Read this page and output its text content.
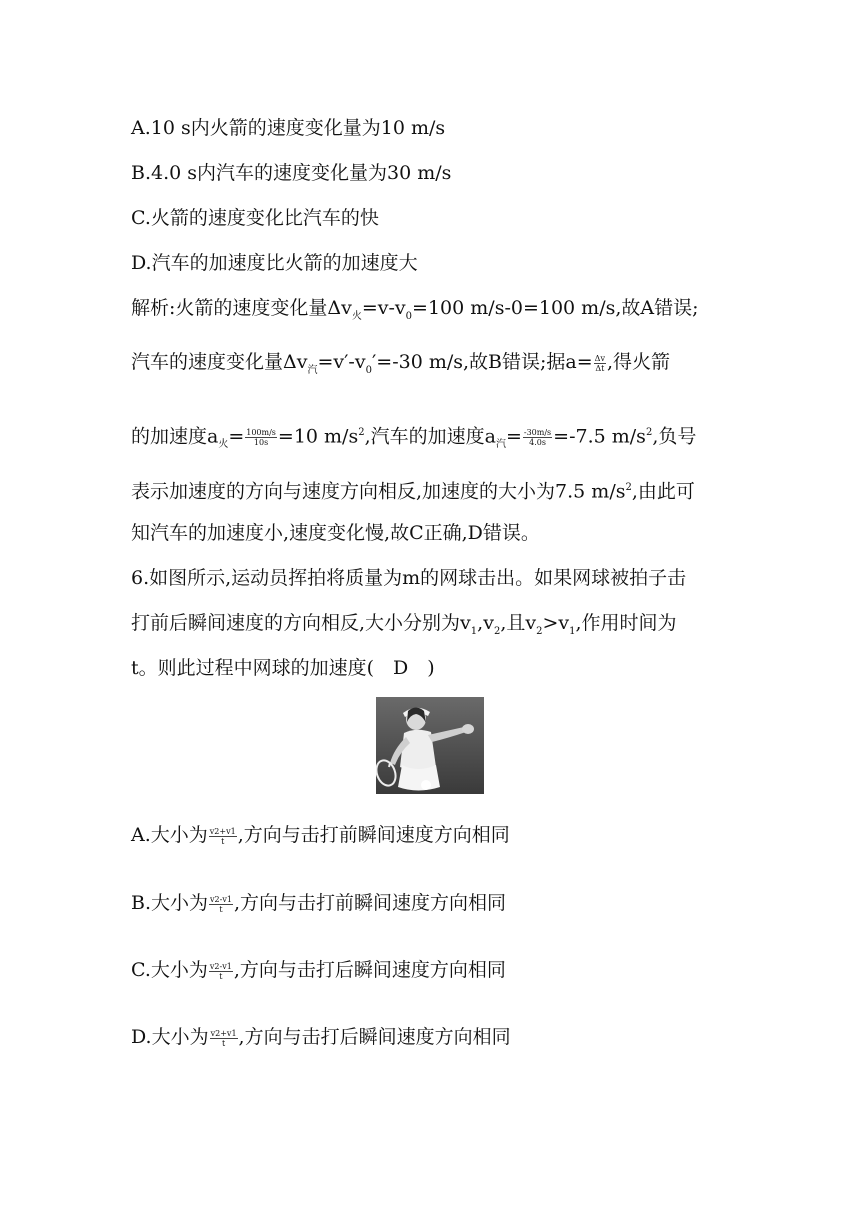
A.10 s内火箭的速度变化量为10 m/s
B.4.0 s内汽车的速度变化量为30 m/s
C.火箭的速度变化比汽车的快
D.汽车的加速度比火箭的加速度大
解析:火箭的速度变化量$\Delta v_火=v-v_0=100$ m/s-0=100 m/s,故A错误;
汽车的速度变化量$\Delta v_汽=v'-v_0'=-30$ m/s,故B错误;据$a= \frac{\Delta v}{\Delta t}$ ,得火箭
的加速度$a_火= \frac{100m/s}{10s} =10$ $m/s^2$,汽车的加速度$a_汽= \frac{-30m/s}{4.0s} =-7.5$ $m/s^2$,负号
表示加速度的方向与速度方向相反,加速度的大小为7.5 $m/s^2$,由此可
知汽车的加速度小,速度变化慢,故C正确,D错误。
6.如图所示,运动员挥拍将质量为m的网球击出。如果网球被拍子击
打前后瞬间速度的方向相反,大小分别为$v_1,v_2$,且$v_2>v_1$,作用时间为
t。则此过程中网球的加速度(　D　)
A.大小为 $\frac{v2+v1}{t}$ ,方向与击打前瞬间速度方向相同
B.大小为 $\frac{v2-v1}{t}$ ,方向与击打前瞬间速度方向相同
C.大小为 $\frac{v2-v1}{t}$ ,方向与击打后瞬间速度方向相同
D.大小为 $\frac{v2+v1}{t}$ ,方向与击打后瞬间速度方向相同
